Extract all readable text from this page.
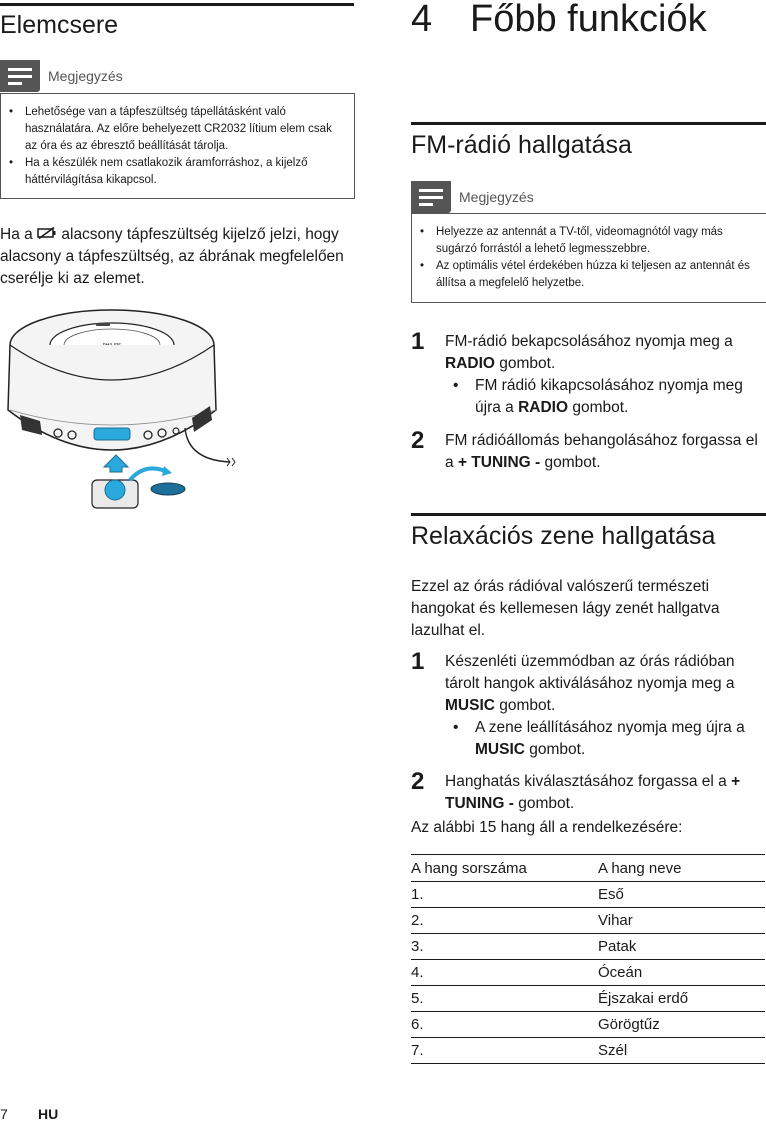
Elemcsere
Megjegyzés
• Lehetősége van a tápfeszültség tápellátásként való használatára. Az előre behelyezett CR2032 lítium elem csak az óra és az ébresztő beállítását tárolja.
• Ha a készülék nem csatlakozik áramforráshoz, a kijelző háttérvilágítása kikapcsol.
Ha a alacsony tápfeszültség kijelző jelzi, hogy alacsony a tápfeszültség, az ábrának megfelelően cserélje ki az elemet.
4 Főbb funkciók
FM-rádió hallgatása
Megjegyzés
• Helyezze az antennát a TV-től, videomagnótól vagy más sugárzó forrástól a lehető legmesszebbre.
• Az optimális vétel érdekében húzza ki teljesen az antennát és állítsa a megfelelő helyzetbe.
1	FM-rádió bekapcsolásához nyomja meg a RADIO gombot.
• FM rádió kikapcsolásához nyomja meg újra a RADIO gombot.
2	FM rádióállomás behangolásához forgassa el a + TUNING - gombot.
Relaxációs zene hallgatása
Ezzel az órás rádióval valószerű természeti hangokat és kellemesen lágy zenét hallgatva lazulhat el.
1	Készenléti üzemmódban az órás rádióban tárolt hangok aktiválásához nyomja meg a MUSIC gombot.
• A zene leállításához nyomja meg újra a MUSIC gombot.
2	Hanghatás kiválasztásához forgassa el a + TUNING - gombot.
Az alábbi 15 hang áll a rendelkezésére:
A hang sorszáma	A hang neve
1.	Eső
2.	Vihar
3.	Patak
4.	Óceán
5.	Éjszakai erdő
6.	Görögtűz
7.	Szél
7 HU
